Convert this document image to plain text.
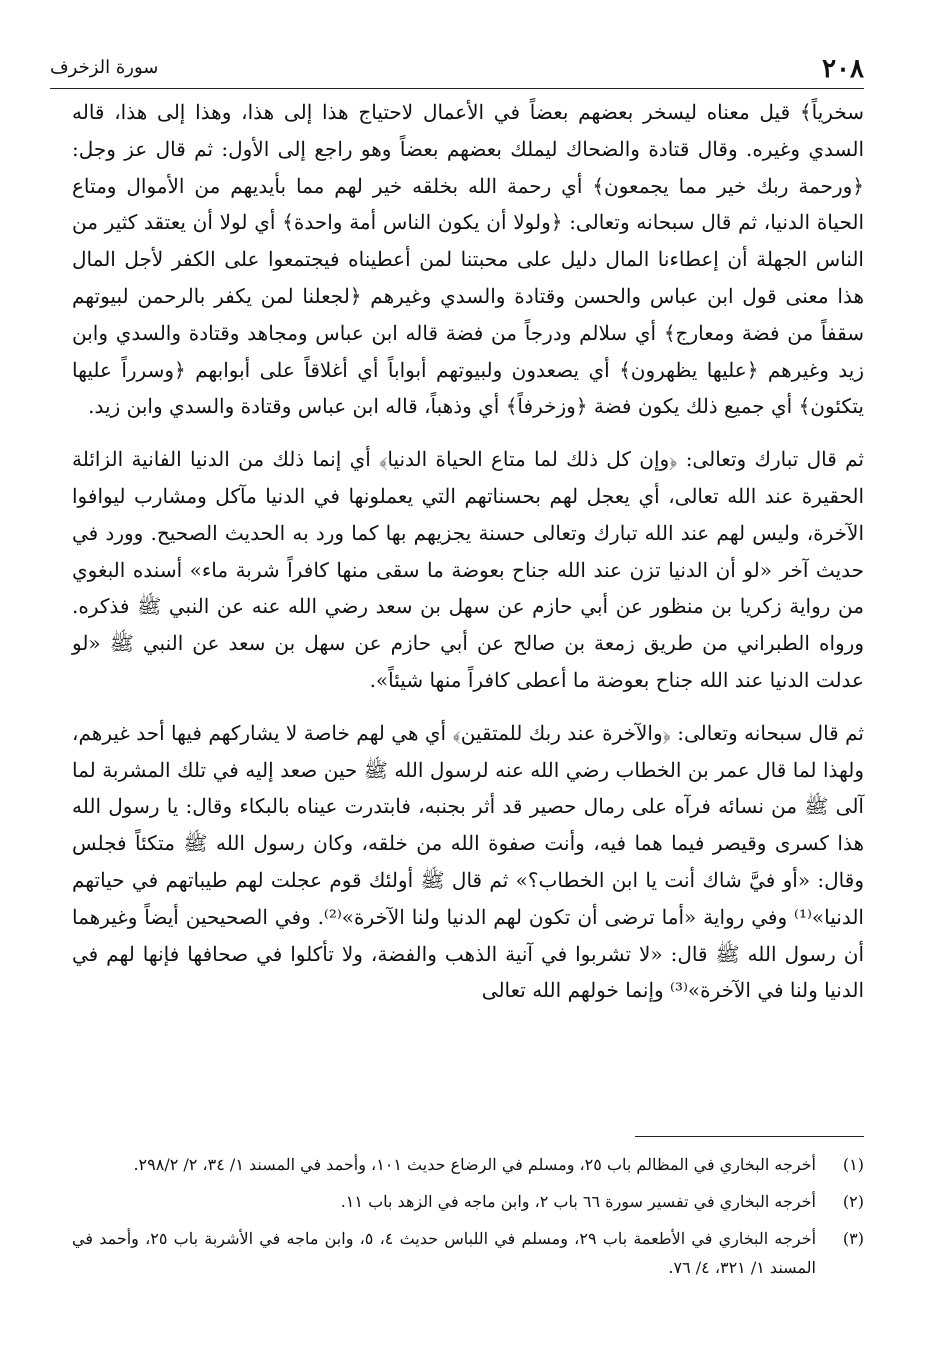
٢٠٨
سورة الزخرف

سخرياً﴾ قيل معناه ليسخر بعضهم بعضاً في الأعمال لاحتياج هذا إلى هذا، وهذا إلى هذا، قاله السدي وغيره. وقال قتادة والضحاك ليملك بعضهم بعضاً وهو راجع إلى الأول: ثم قال عز وجل: ﴿ورحمة ربك خير مما يجمعون﴾ أي رحمة الله بخلقه خير لهم مما بأيديهم من الأموال ومتاع الحياة الدنيا، ثم قال سبحانه وتعالى: ﴿ولولا أن يكون الناس أمة واحدة﴾ أي لولا أن يعتقد كثير من الناس الجهلة أن إعطاءنا المال دليل على محبتنا لمن أعطيناه فيجتمعوا على الكفر لأجل المال هذا معنى قول ابن عباس والحسن وقتادة والسدي وغيرهم ﴿لجعلنا لمن يكفر بالرحمن لبيوتهم سقفاً من فضة ومعارج﴾ أي سلالم ودرجاً من فضة قاله ابن عباس ومجاهد وقتادة والسدي وابن زيد وغيرهم ﴿عليها يظهرون﴾ أي يصعدون ولبيوتهم أبواباً أي أغلاقاً على أبوابهم ﴿وسرراً عليها يتكئون﴾ أي جميع ذلك يكون فضة ﴿وزخرفاً﴾ أي وذهباً، قاله ابن عباس وقتادة والسدي وابن زيد.

ثم قال تبارك وتعالى: ﴿وإن كل ذلك لما متاع الحياة الدنيا﴾ أي إنما ذلك من الدنيا الفانية الزائلة الحقيرة عند الله تعالى، أي يعجل لهم بحسناتهم التي يعملونها في الدنيا مآكل ومشارب ليوافوا الآخرة، وليس لهم عند الله تبارك وتعالى حسنة يجزيهم بها كما ورد به الحديث الصحيح. وورد في حديث آخر «لو أن الدنيا تزن عند الله جناح بعوضة ما سقى منها كافراً شربة ماء» أسنده البغوي من رواية زكريا بن منظور عن أبي حازم عن سهل بن سعد رضي الله عنه عن النبي ﷺ فذكره. ورواه الطبراني من طريق زمعة بن صالح عن أبي حازم عن سهل بن سعد عن النبي ﷺ «لو عدلت الدنيا عند الله جناح بعوضة ما أعطى كافراً منها شيئاً».

ثم قال سبحانه وتعالى: ﴿والآخرة عند ربك للمتقين﴾ أي هي لهم خاصة لا يشاركهم فيها أحد غيرهم، ولهذا لما قال عمر بن الخطاب رضي الله عنه لرسول الله ﷺ حين صعد إليه في تلك المشربة لما آلى ﷺ من نسائه فرآه على رمال حصير قد أثر بجنبه، فابتدرت عيناه بالبكاء وقال: يا رسول الله هذا كسرى وقيصر فيما هما فيه، وأنت صفوة الله من خلقه، وكان رسول الله ﷺ متكئاً فجلس وقال: «أو فيَّ شاك أنت يا ابن الخطاب؟» ثم قال ﷺ أولئك قوم عجلت لهم طيباتهم في حياتهم الدنيا»⁽¹⁾ وفي رواية «أما ترضى أن تكون لهم الدنيا ولنا الآخرة»⁽²⁾. وفي الصحيحين أيضاً وغيرهما أن رسول الله ﷺ قال: «لا تشربوا في آنية الذهب والفضة، ولا تأكلوا في صحافها فإنها لهم في الدنيا ولنا في الآخرة»⁽³⁾ وإنما خولهم الله تعالى

(١)
أخرجه البخاري في المظالم باب ٢٥، ومسلم في الرضاع حديث ١٠١، وأحمد في المسند ١/ ٣٤، ٢/ ٢٩٨/٢.
(٢)
أخرجه البخاري في تفسير سورة ٦٦ باب ٢، وابن ماجه في الزهد باب ١١.
(٣)
أخرجه البخاري في الأطعمة باب ٢٩، ومسلم في اللباس حديث ٤، ٥، وابن ماجه في الأشربة باب ٢٥، وأحمد في المسند ١/ ٣٢١، ٤/ ٧٦.
